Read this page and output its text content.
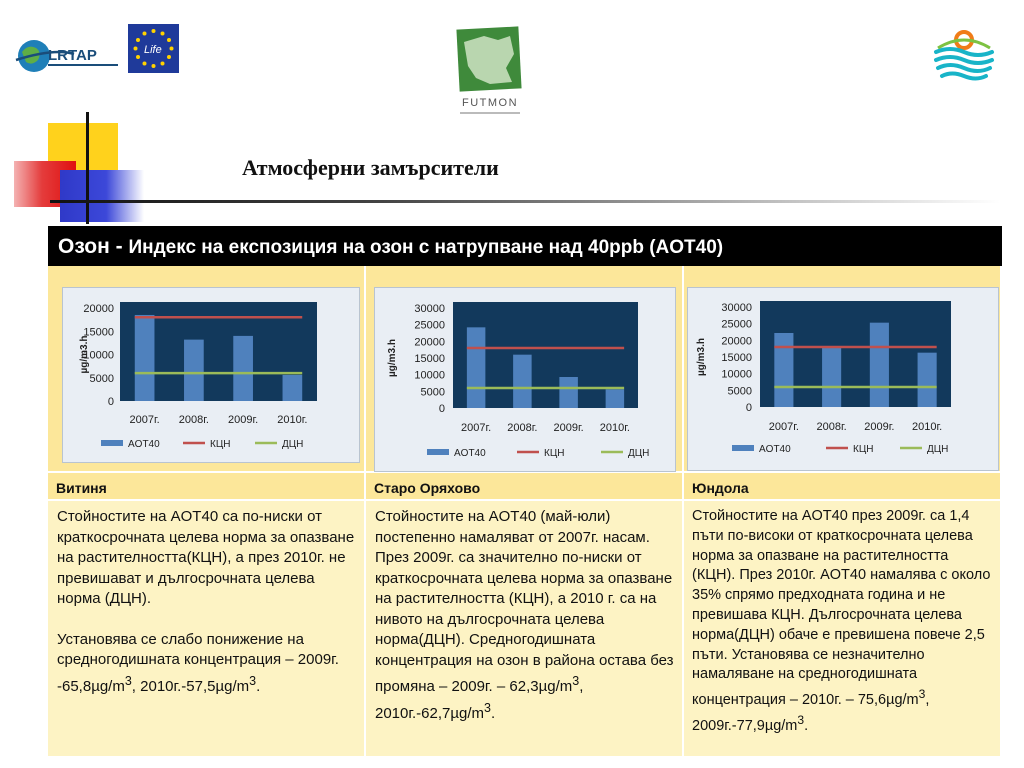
LRTAP	Life
FUTMON
Атмосферни замърсители
Озон - Индекс на експозиция на озон с натрупване над 40ppb (AOT40)
0
5000
10000
15000
20000
µg/m3.h
2007г. 2008г. 2009г. 2010г.
AOT40	КЦН	ДЦН
0
5000
10000
15000
20000
25000
30000
µg/m3.h
2007г. 2008г. 2009г. 2010г.
AOT40	КЦН	ДЦН
0
5000
10000
15000
20000
25000
30000
µg/m3.h
2007г. 2008г. 2009г. 2010г.
AOT40	КЦН	ДЦН
Витиня	Старо Оряхово	Юндола

Стойностите на AOT40 са по-ниски от краткосрочната целева норма за опазване на растителността(КЦН), а през 2010г. не превишават и дългосрочната целева норма (ДЦН).

Установява се слабо понижение на средногодишната концентрация – 2009г. $-65,8\mu g/m^3$, $2010г.-57,5\mu g/m^3$.

Стойностите на AOT40 (май-юли) постепенно намаляват от 2007г. насам. През 2009г. са значително по-ниски от краткосрочната целева норма за опазване на растителността (КЦН), а 2010 г. са на нивото на дългосрочната целева норма(ДЦН). Средногодишната концентрация на озон в района остава без промяна – 2009г. – $62,3\mu g/m^3$, $2010г.-62,7\mu g/m^3$.

Стойностите на AOT40 през 2009г. са 1,4 пъти по-високи от краткосрочната целева норма за опазване на растителността (КЦН). През 2010г. AOT40 намалява с около 35% спрямо предходната година и не превишава КЦН. Дългосрочната целева норма(ДЦН) обаче е превишена повече 2,5 пъти. Установява се незначително намаляване на средногодишната концентрация – 2010г. – $75,6\mu g/m^3$, $2009г.-77,9\mu g/m^3$.
